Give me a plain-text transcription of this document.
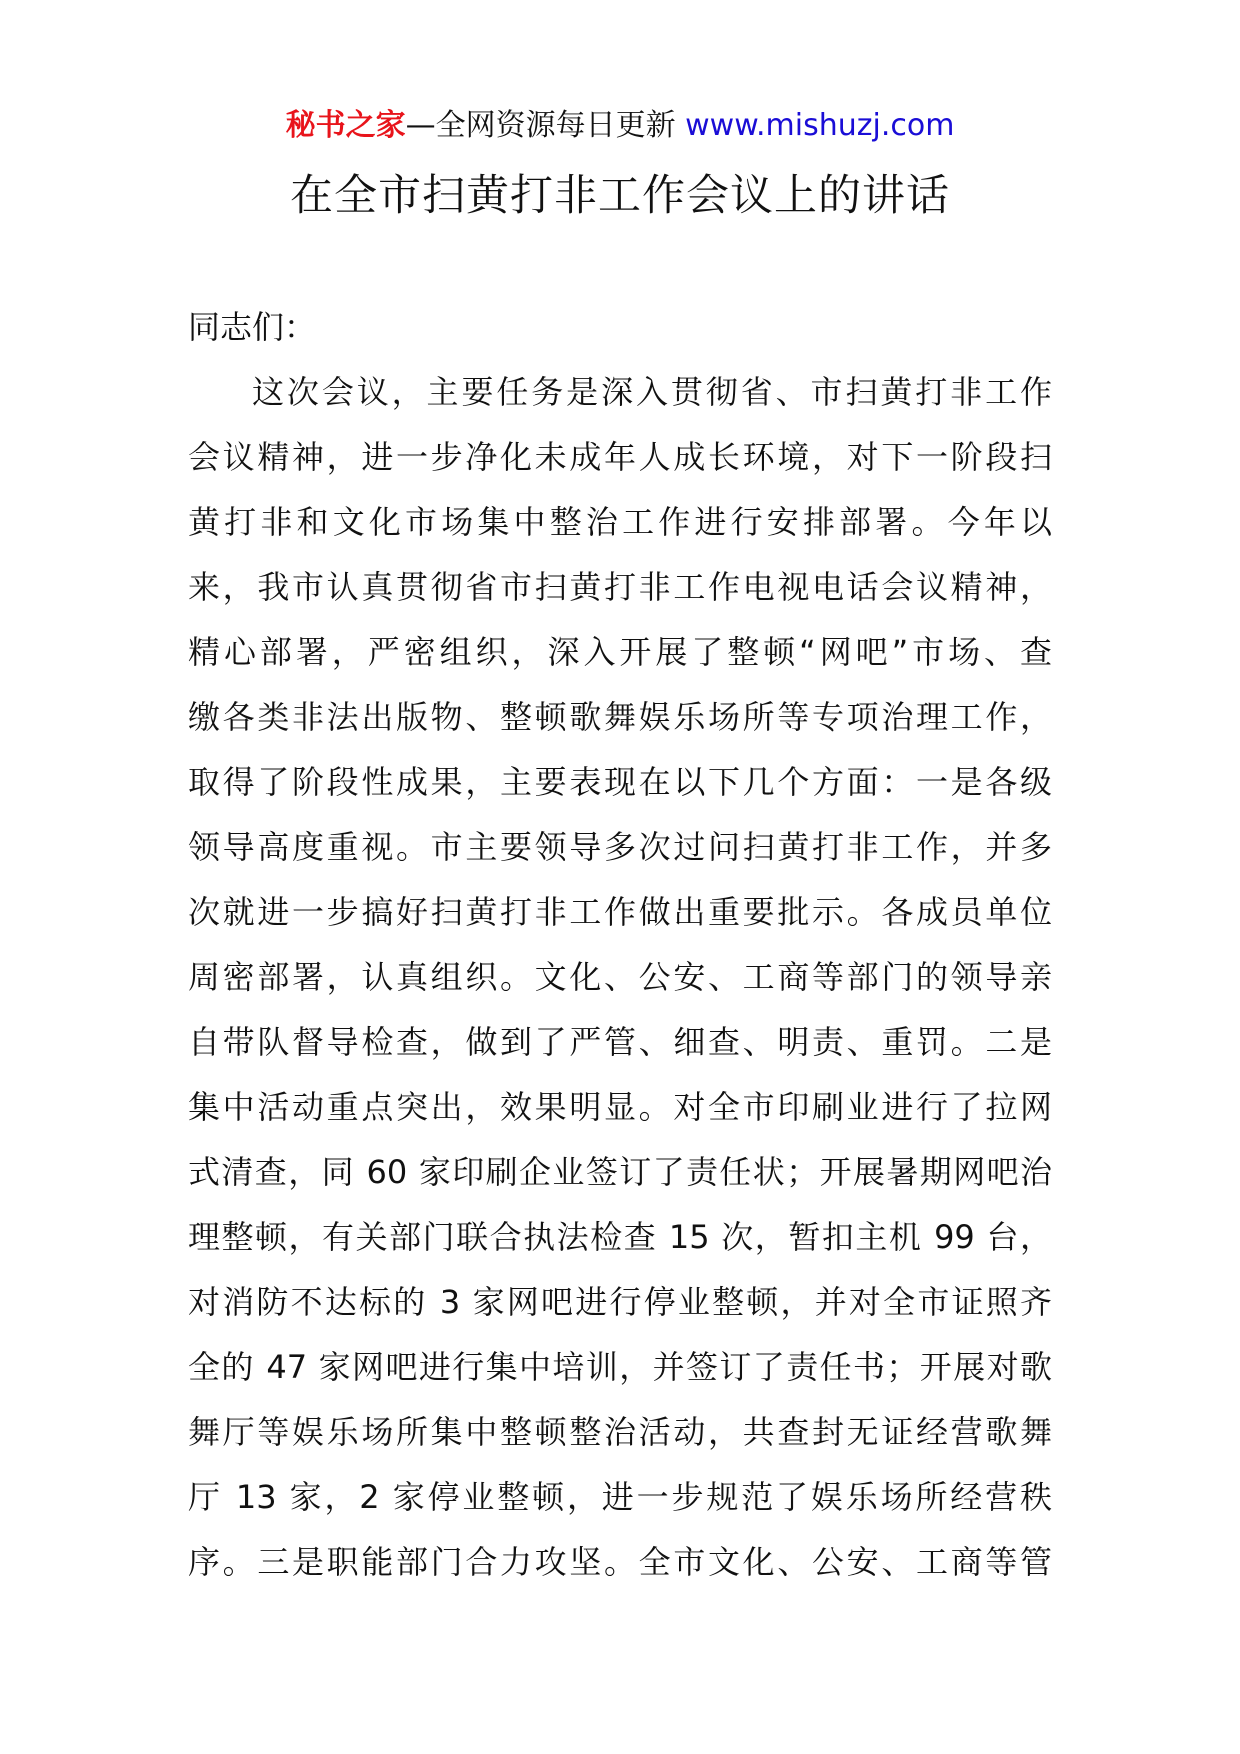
秘书之家—全网资源每日更新 www.mishuzj.com
在全市扫黄打非工作会议上的讲话
同志们：
这次会议，主要任务是深入贯彻省、市扫黄打非工作
会议精神，进一步净化未成年人成长环境，对下一阶段扫
黄打非和文化市场集中整治工作进行安排部署。今年以
来，我市认真贯彻省市扫黄打非工作电视电话会议精神，
精心部署，严密组织，深入开展了整顿“网吧”市场、查
缴各类非法出版物、整顿歌舞娱乐场所等专项治理工作，
取得了阶段性成果，主要表现在以下几个方面：一是各级
领导高度重视。市主要领导多次过问扫黄打非工作，并多
次就进一步搞好扫黄打非工作做出重要批示。各成员单位
周密部署，认真组织。文化、公安、工商等部门的领导亲
自带队督导检查，做到了严管、细查、明责、重罚。二是
集中活动重点突出，效果明显。对全市印刷业进行了拉网
式清查，同 60 家印刷企业签订了责任状；开展暑期网吧治
理整顿，有关部门联合执法检查 15 次，暂扣主机 99 台，
对消防不达标的 3 家网吧进行停业整顿，并对全市证照齐
全的 47 家网吧进行集中培训，并签订了责任书；开展对歌
舞厅等娱乐场所集中整顿整治活动，共查封无证经营歌舞
厅 13 家，2 家停业整顿，进一步规范了娱乐场所经营秩
序。三是职能部门合力攻坚。全市文化、公安、工商等管
